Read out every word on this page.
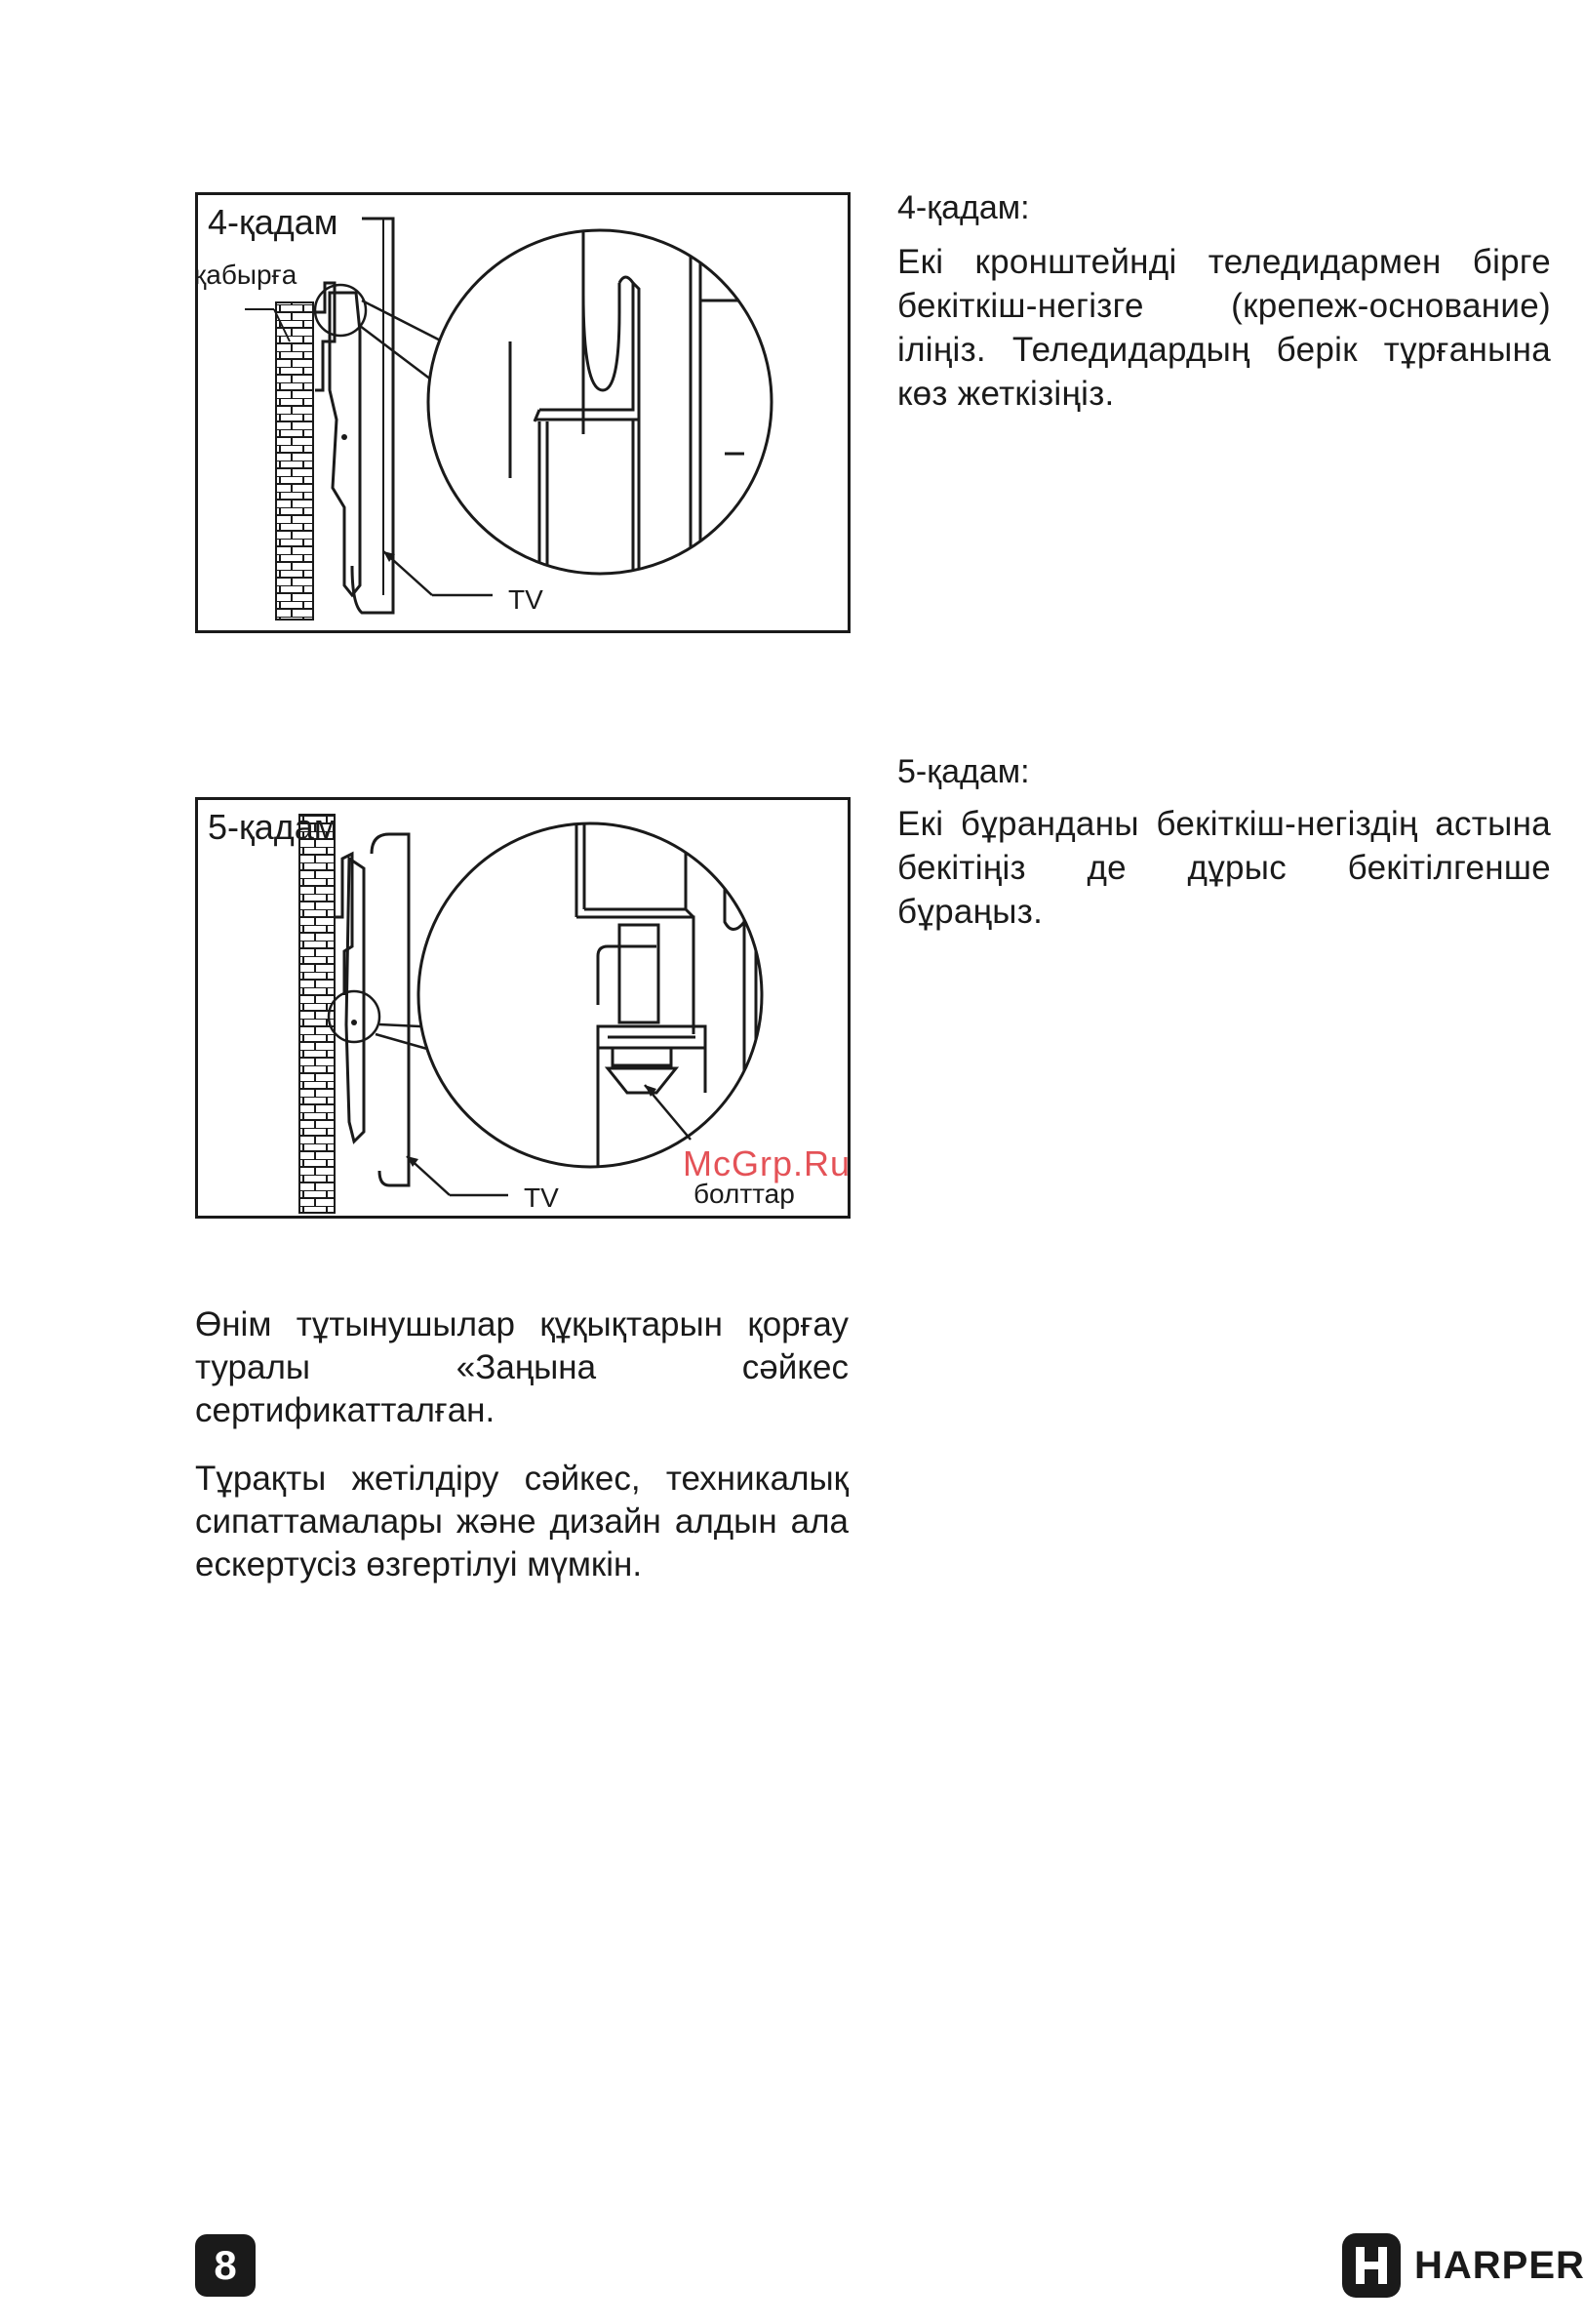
4-қадам
қабырға
TV
4-қадам:
Екі кронштейнді теледидармен бірге бекіткіш-негізге (крепеж-основание) іліңіз. Теледидардың берік тұрғанына көз жеткізіңіз.
5-қадам
TV	болттар
5-қадам:
Екі бұранданы бекіткіш-негіздің астына бекітіңіз де дұрыс бекітілгенше бұраңыз.
McGrp.Ru
Өнім тұтынушылар құқықтарын қорғау туралы «Заңына сәйкес сертификатталған.
Тұрақты жетілдіру сәйкес, техникалық сипаттамалары және дизайн алдын ала ескертусіз өзгертілуі мүмкін.
8	HARPER
